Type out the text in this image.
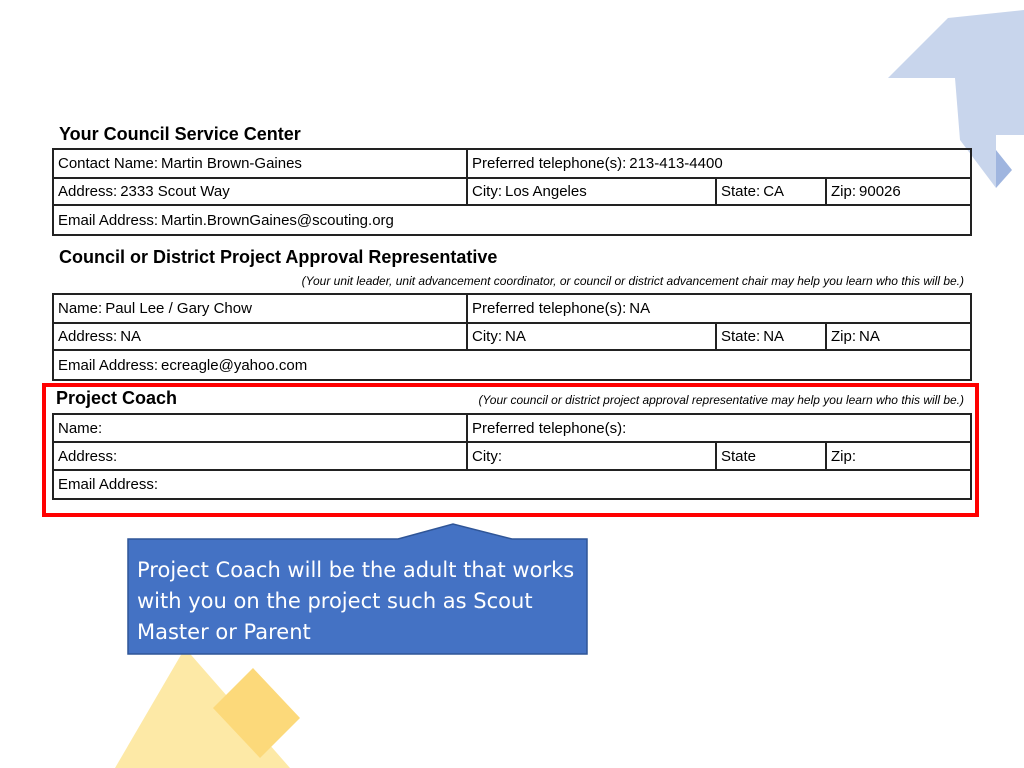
Your Council Service Center
Contact Name: Martin Brown-Gaines	Preferred telephone(s): 213-413-4400		
Address: 2333 Scout Way	City: Los Angeles	State: CA	Zip: 90026
Email Address: Martin.BrownGaines@scouting.org			
Council or District Project Approval Representative
(Your unit leader, unit advancement coordinator, or council or district advancement chair may help you learn who this will be.)
Name: Paul Lee / Gary Chow	Preferred telephone(s): NA		
Address: NA	City: NA	State: NA	Zip: NA
Email Address: ecreagle@yahoo.com			
Project Coach	(Your council or district project approval representative may help you learn who this will be.)
Name:	Preferred telephone(s):		
Address:	City:	State	Zip:
Email Address:			
Project Coach will be the adult that works with you on the project such as Scout Master or Parent
